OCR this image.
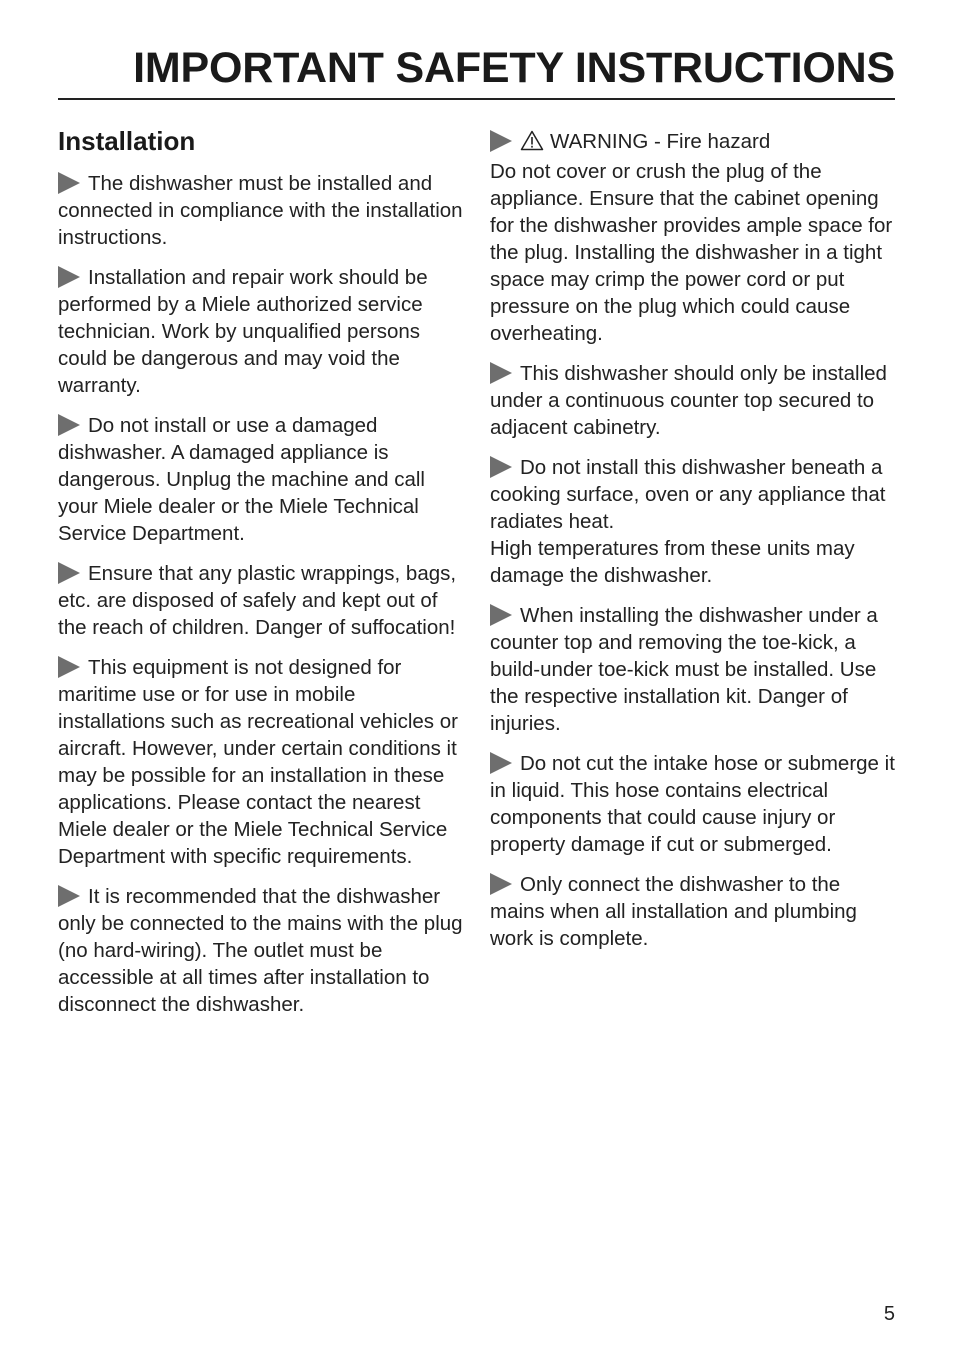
IMPORTANT SAFETY INSTRUCTIONS
Installation

The dishwasher must be installed and connected in compliance with the installation instructions.

Installation and repair work should be performed by a Miele authorized service technician. Work by unqualified persons could be dangerous and may void the warranty.

Do not install or use a damaged dishwasher. A damaged appliance is dangerous. Unplug the machine and call your Miele dealer or the Miele Technical Service Department.

Ensure that any plastic wrappings, bags, etc. are disposed of safely and kept out of the reach of children. Danger of suffocation!

This equipment is not designed for maritime use or for use in mobile installations such as recreational vehicles or aircraft. However, under certain conditions it may be possible for an installation in these applications. Please contact the nearest Miele dealer or the Miele Technical Service Department with specific requirements.

It is recommended that the dishwasher only be connected to the mains with the plug (no hard-wiring). The outlet must be accessible at all times after installation to disconnect the dishwasher.

WARNING - Fire hazard
Do not cover or crush the plug of the appliance. Ensure that the cabinet opening for the dishwasher provides ample space for the plug. Installing the dishwasher in a tight space may crimp the power cord or put pressure on the plug which could cause overheating.

This dishwasher should only be installed under a continuous counter top secured to adjacent cabinetry.

Do not install this dishwasher beneath a cooking surface, oven or any appliance that radiates heat.
High temperatures from these units may damage the dishwasher.

When installing the dishwasher under a counter top and removing the toe-kick, a build-under toe-kick must be installed. Use the respective installation kit. Danger of injuries.

Do not cut the intake hose or submerge it in liquid. This hose contains electrical components that could cause injury or property damage if cut or submerged.

Only connect the dishwasher to the mains when all installation and plumbing work is complete.

5
